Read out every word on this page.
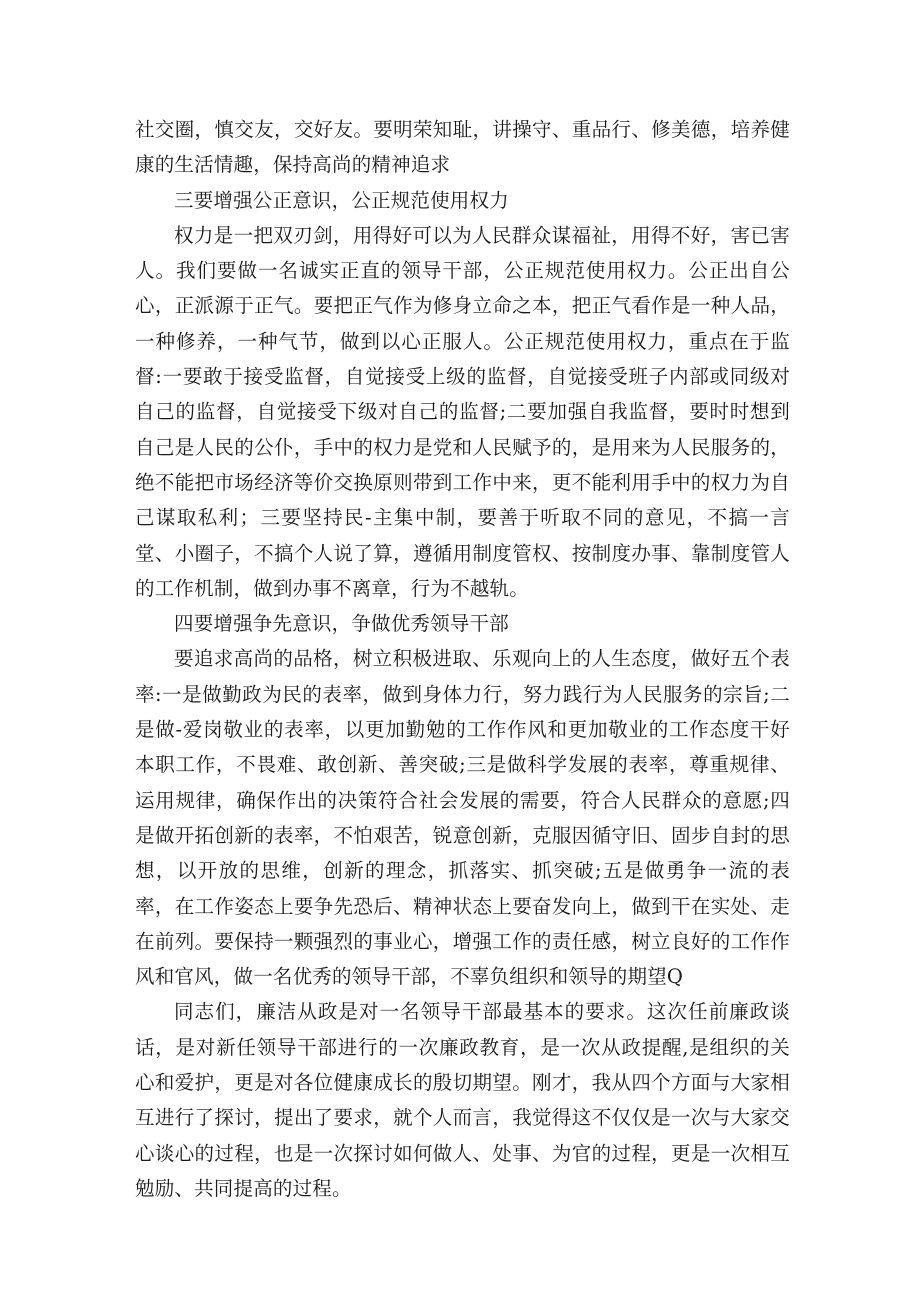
社交圈，慎交友，交好友。要明荣知耻，讲操守、重品行、修美德，培养健康的生活情趣，保持高尚的精神追求

三要增强公正意识，公正规范使用权力

权力是一把双刃剑，用得好可以为人民群众谋福祉，用得不好，害已害人。我们要做一名诚实正直的领导干部，公正规范使用权力。公正出自公心，正派源于正气。要把正气作为修身立命之本，把正气看作是一种人品，一种修养，一种气节，做到以心正服人。公正规范使用权力，重点在于监督:一要敢于接受监督，自觉接受上级的监督，自觉接受班子内部或同级对自己的监督，自觉接受下级对自己的监督;二要加强自我监督，要时时想到自己是人民的公仆，手中的权力是党和人民赋予的，是用来为人民服务的，绝不能把市场经济等价交换原则带到工作中来，更不能利用手中的权力为自己谋取私利；三要坚持民-主集中制，要善于听取不同的意见，不搞一言堂、小圈子，不搞个人说了算，遵循用制度管权、按制度办事、靠制度管人的工作机制，做到办事不离章，行为不越轨。

四要增强争先意识，争做优秀领导干部

要追求高尚的品格，树立积极进取、乐观向上的人生态度，做好五个表率:一是做勤政为民的表率，做到身体力行，努力践行为人民服务的宗旨;二是做-爱岗敬业的表率，以更加勤勉的工作作风和更加敬业的工作态度干好本职工作，不畏难、敢创新、善突破;三是做科学发展的表率，尊重规律、运用规律，确保作出的决策符合社会发展的需要，符合人民群众的意愿;四是做开拓创新的表率，不怕艰苦，锐意创新，克服因循守旧、固步自封的思想，以开放的思维，创新的理念，抓落实、抓突破;五是做勇争一流的表率，在工作姿态上要争先恐后、精神状态上要奋发向上，做到干在实处、走在前列。要保持一颗强烈的事业心，增强工作的责任感，树立良好的工作作风和官风，做一名优秀的领导干部，不辜负组织和领导的期望Q

同志们，廉洁从政是对一名领导干部最基本的要求。这次任前廉政谈话，是对新任领导干部进行的一次廉政教育，是一次从政提醒,是组织的关心和爱护，更是对各位健康成长的殷切期望。刚才，我从四个方面与大家相互进行了探讨，提出了要求，就个人而言，我觉得这不仅仅是一次与大家交心谈心的过程，也是一次探讨如何做人、处事、为官的过程，更是一次相互勉励、共同提高的过程。
